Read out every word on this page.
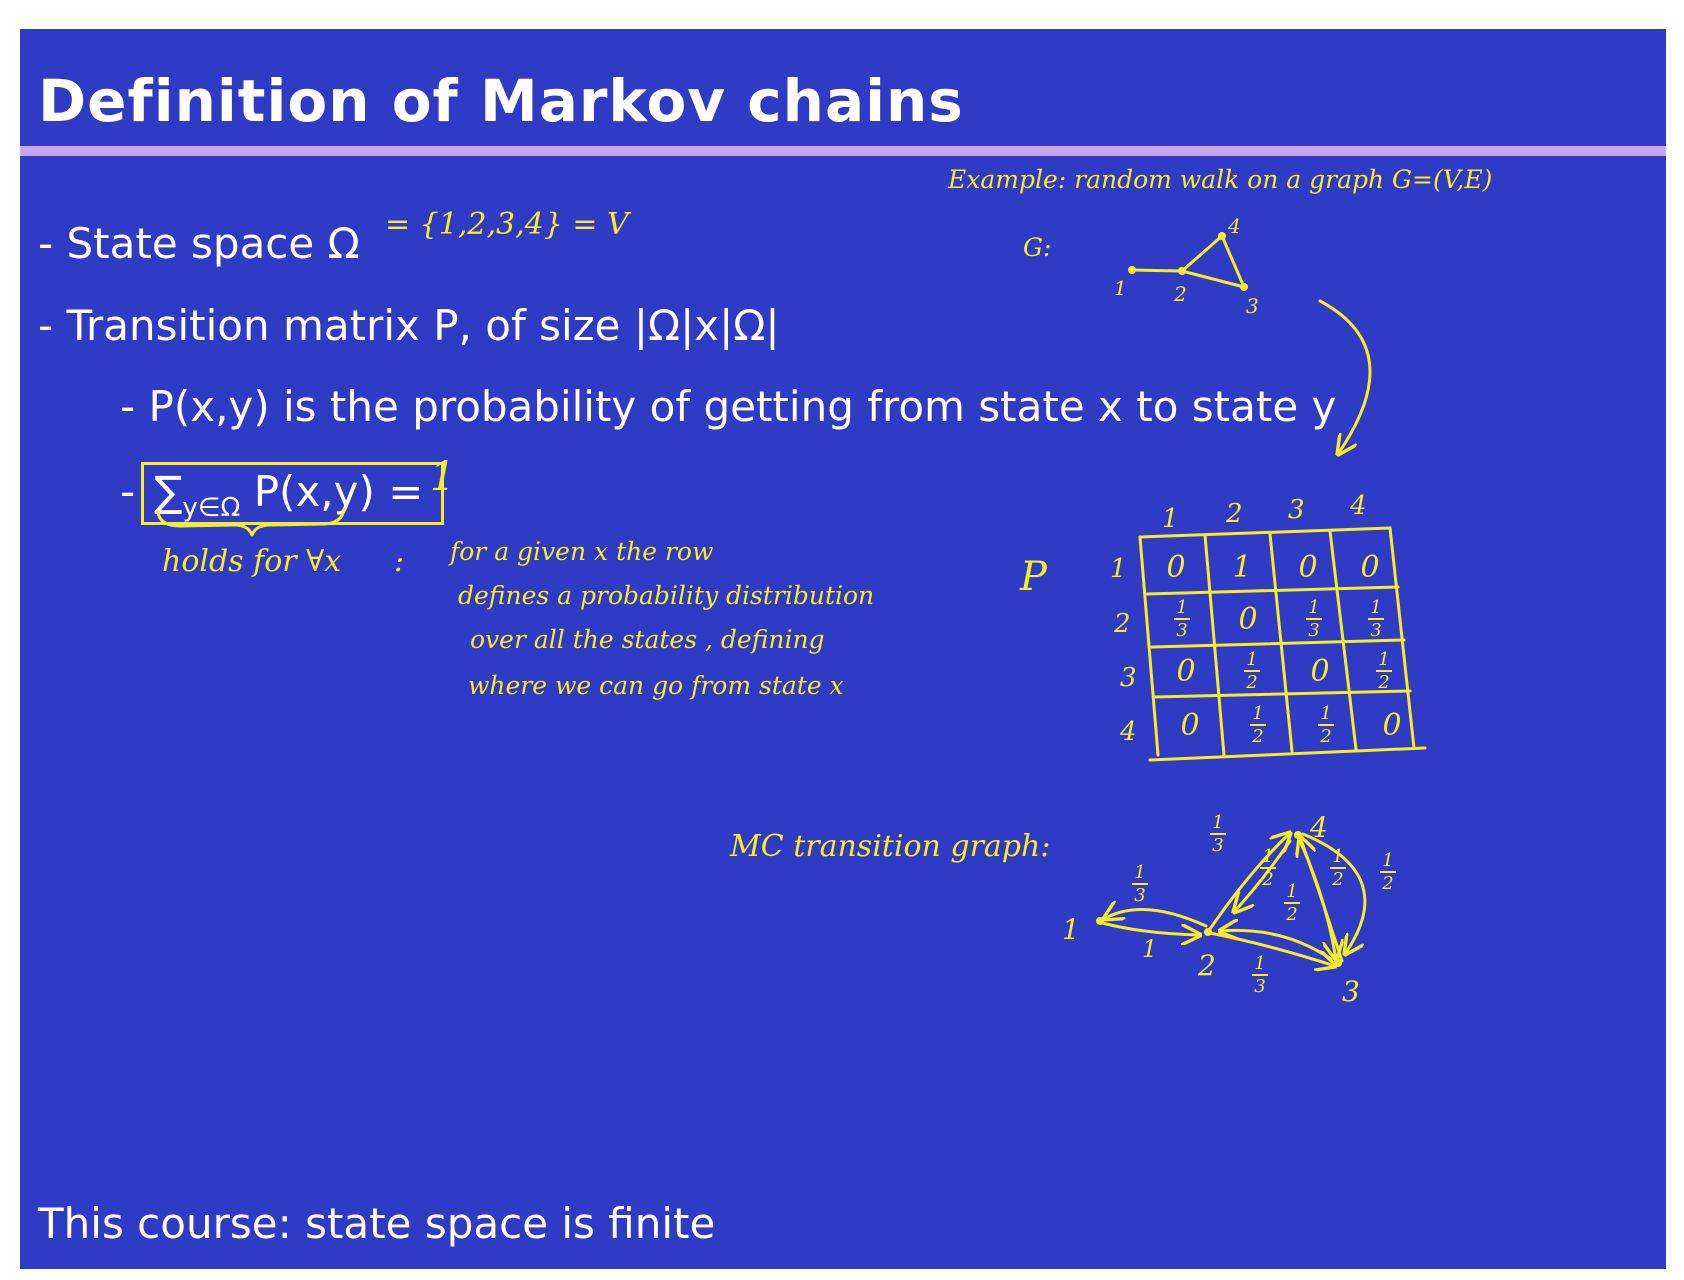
Definition of Markov chains
- State space Ω = {1,2,3,4} = V
- Transition matrix P, of size |Ω|x|Ω|
- P(x,y) is the probability of getting from state x to state y
- $\sum_{y\in\Omega}$ P(x,y) = 1
holds for ∀x : for a given x the row
defines a probability distribution
over all the states , defining
where we can go from state x
Example: random walk on a graph G=(V,E)
G:
MC transition graph:
P
1 2 3 4
1
2
3
4
0	1	0	0
$\frac{1}{3}$	0	$\frac{1}{3}$	$\frac{1}{3}$
0	$\frac{1}{2}$	0	$\frac{1}{2}$
0	$\frac{1}{2}$	$\frac{1}{2}$	0
1 2	3
4
1
2
3
4
1
$\frac{1}{3}$
$\frac{1}{3}$
$\frac{1}{2}$
$\frac{1}{3}$
$\frac{1}{2}$
$\frac{1}{2} \frac{1}{2}$
This course: state space is finite
